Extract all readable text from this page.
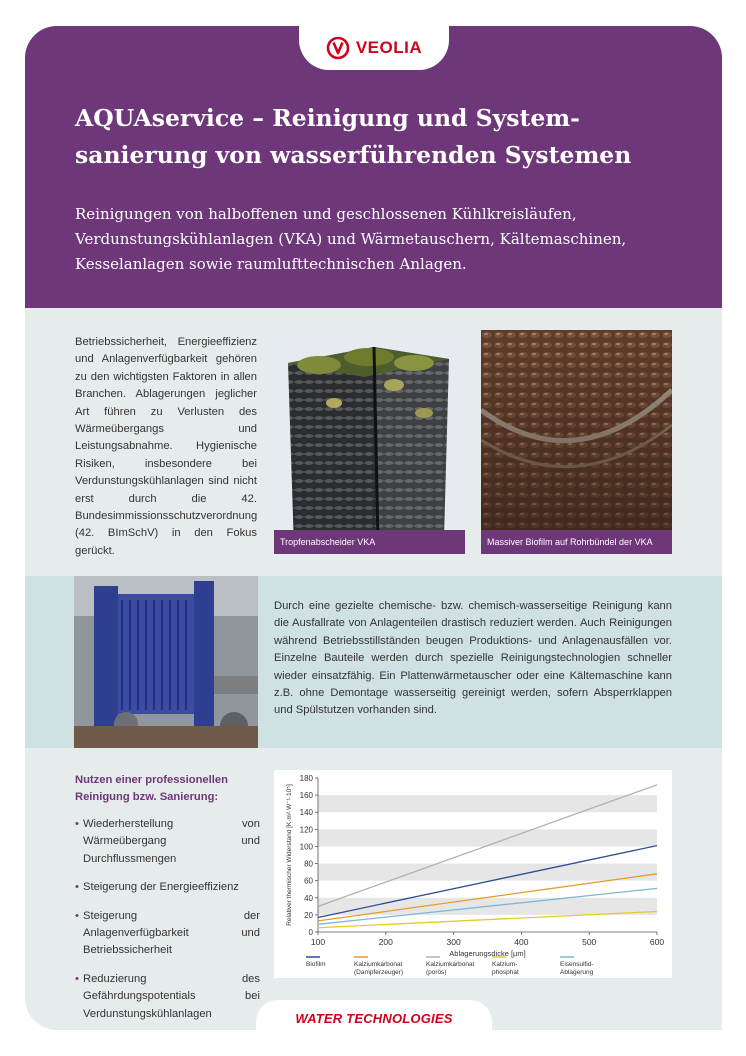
VEOLIA
AQUAservice – Reinigung und System-sanierung von wasserführenden Systemen

Reinigungen von halboffenen und geschlossenen Kühlkreisläufen, Verdunstungskühlanlagen (VKA) und Wärmetauschern, Kältemaschinen, Kesselanlagen sowie raumlufttechnischen Anlagen.

Betriebssicherheit, Energieeffizienz und Anlagenverfügbarkeit gehören zu den wichtigsten Faktoren in allen Branchen. Ablagerungen jeglicher Art führen zu Verlusten des Wärmeübergangs und Leistungsabnahme. Hygienische Risiken, insbesondere bei Verdunstungskühlanlagen sind nicht erst durch die 42. Bundesimmissionsschutzverordnung (42. BImSchV) in den Fokus gerückt.

Tropfenabscheider VKA	Massiver Biofilm auf Rohrbündel der VKA

Durch eine gezielte chemische- bzw. chemisch-wasserseitige Reinigung kann die Ausfallrate von Anlagenteilen drastisch reduziert werden. Auch Reinigungen während Betriebsstillständen beugen Produktions- und Anlagenausfällen vor. Einzelne Bauteile werden durch spezielle Reinigungstechnologien schneller wieder einsatzfähig. Ein Plattenwärmetauscher oder eine Kältemaschine kann z.B. ohne Demontage wasserseitig gereinigt werden, sofern Absperrklappen und Spülstutzen vorhanden sind.

Nutzen einer professionellen Reinigung bzw. Sanierung:

• Wiederherstellung von Wärmeübergang und Durchflussmengen
• Steigerung der Energieeffizienz
• Steigerung der Anlagenverfügbarkeit und Betriebssicherheit
• Reduzierung des Gefährdungspotentials bei Verdunstungskühlanlagen
0
20
40
60
80
100
120
140
160
180
100	200	300	400	500	600
Ablagerungsdicke [µm]
Relativer thermischer Widerstand [K·m²·W⁻¹·10⁵]
Biofilm	Kalziumkarbonat
(Dampferzeuger)
Kalziumkarbonat
(porös)
Kalzium-
phosphat
Eisensulfid-
Ablagerung
WATER TECHNOLOGIES
